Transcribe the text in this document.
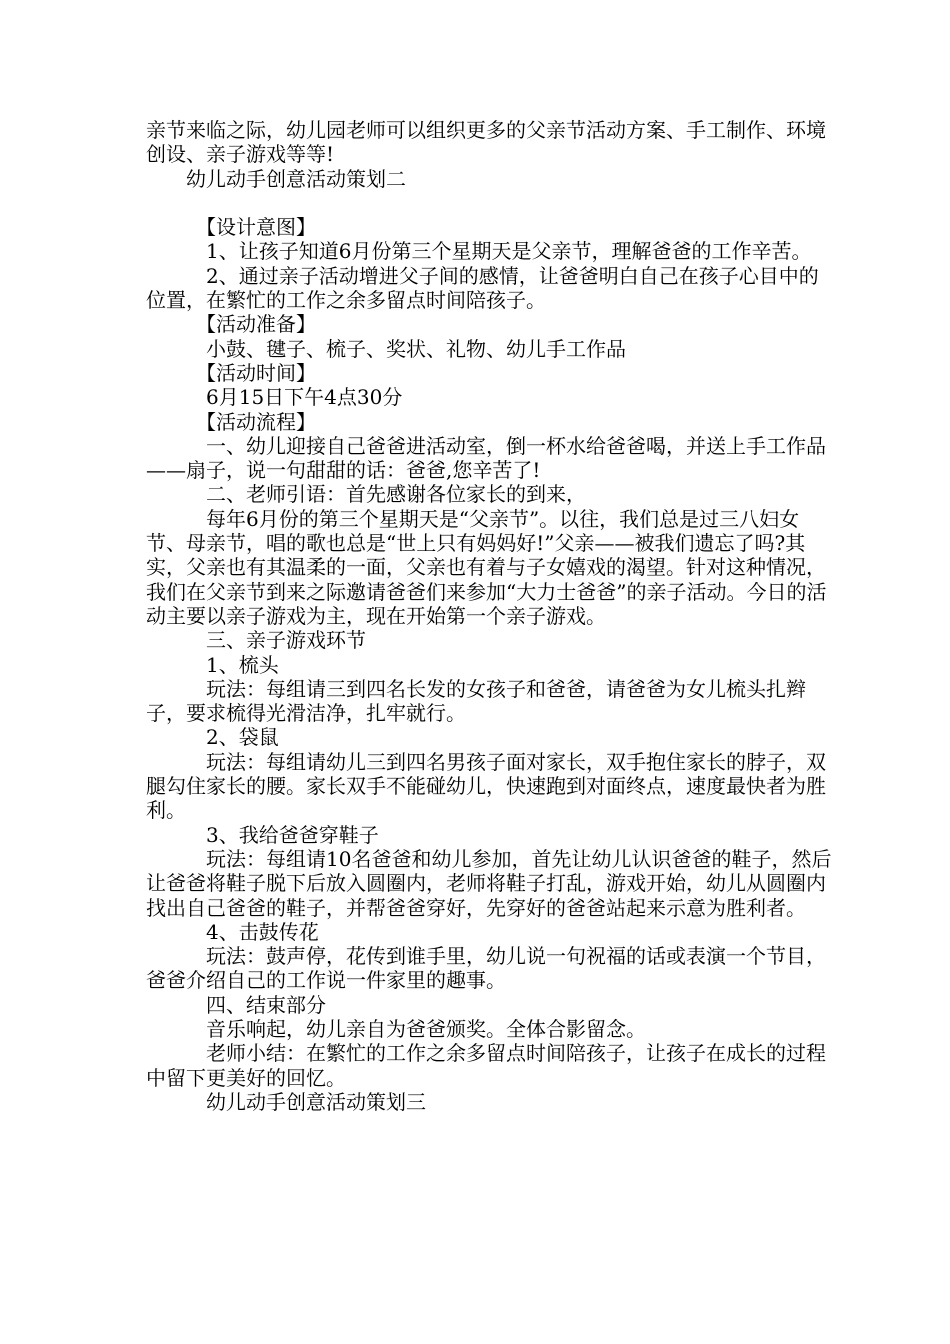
亲节来临之际，幼儿园老师可以组织更多的父亲节活动方案、手工制作、环境创设、亲子游戏等等!

幼儿动手创意活动策划二

【设计意图】

1、让孩子知道6月份第三个星期天是父亲节，理解爸爸的工作辛苦。

2、通过亲子活动增进父子间的感情，让爸爸明白自己在孩子心目中的位置，在繁忙的工作之余多留点时间陪孩子。

【活动准备】

小鼓、毽子、梳子、奖状、礼物、幼儿手工作品

【活动时间】

6月15日下午4点30分

【活动流程】

一、幼儿迎接自己爸爸进活动室，倒一杯水给爸爸喝，并送上手工作品——扇子，说一句甜甜的话：爸爸,您辛苦了!

二、老师引语：首先感谢各位家长的到来，

每年6月份的第三个星期天是“父亲节”。以往，我们总是过三八妇女节、母亲节，唱的歌也总是“世上只有妈妈好!”父亲——被我们遗忘了吗?其实，父亲也有其温柔的一面，父亲也有着与子女嬉戏的渴望。针对这种情况，我们在父亲节到来之际邀请爸爸们来参加“大力士爸爸”的亲子活动。今日的活动主要以亲子游戏为主，现在开始第一个亲子游戏。

三、亲子游戏环节

1、梳头

玩法：每组请三到四名长发的女孩子和爸爸，请爸爸为女儿梳头扎辫子，要求梳得光滑洁净，扎牢就行。

2、袋鼠

玩法：每组请幼儿三到四名男孩子面对家长，双手抱住家长的脖子，双腿勾住家长的腰。家长双手不能碰幼儿，快速跑到对面终点，速度最快者为胜利。

3、我给爸爸穿鞋子

玩法：每组请10名爸爸和幼儿参加，首先让幼儿认识爸爸的鞋子，然后让爸爸将鞋子脱下后放入圆圈内，老师将鞋子打乱，游戏开始，幼儿从圆圈内找出自己爸爸的鞋子，并帮爸爸穿好，先穿好的爸爸站起来示意为胜利者。

4、击鼓传花

玩法：鼓声停，花传到谁手里，幼儿说一句祝福的话或表演一个节目，爸爸介绍自己的工作说一件家里的趣事。

四、结束部分

音乐响起，幼儿亲自为爸爸颁奖。全体合影留念。

老师小结：在繁忙的工作之余多留点时间陪孩子，让孩子在成长的过程中留下更美好的回忆。

幼儿动手创意活动策划三
